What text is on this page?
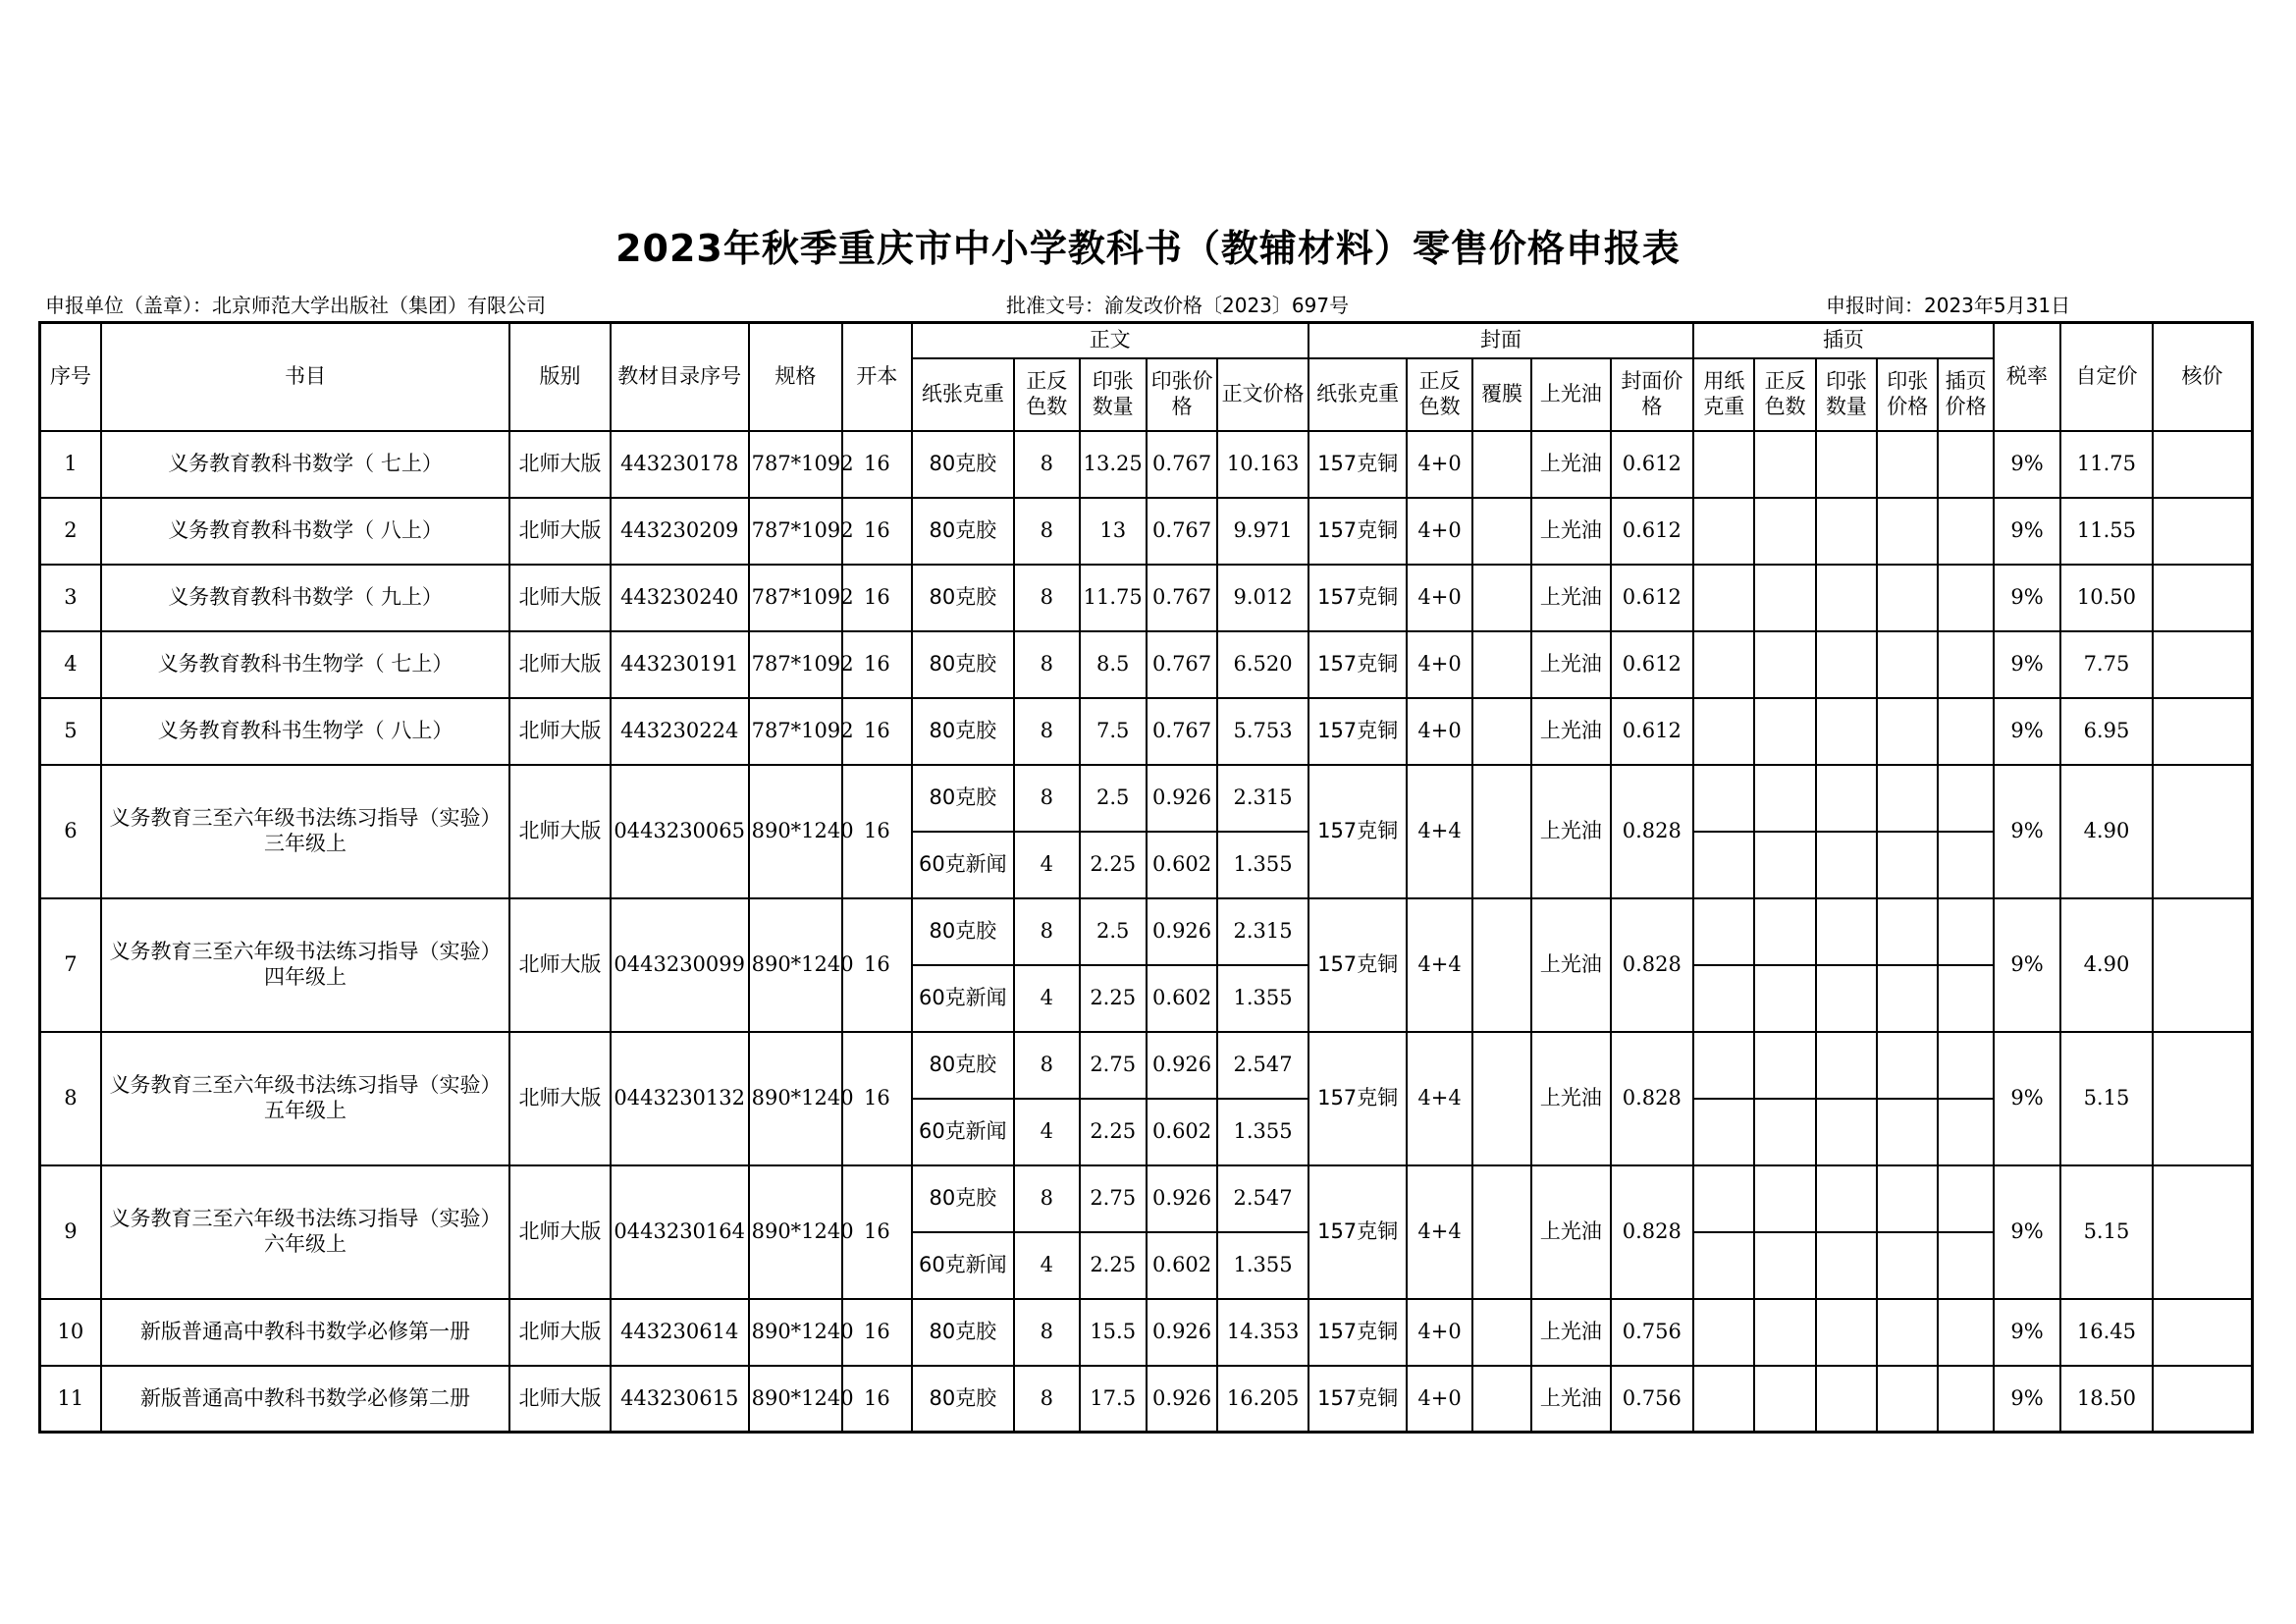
2023年秋季重庆市中小学教科书（教辅材料）零售价格申报表
申报单位（盖章）：北京师范大学出版社（集团）有限公司	批准文号：渝发改价格〔2023〕697号	申报时间：2023年5月31日
序号	书目	版别	教材目录序号	规格	开本	正文					封面					插页					税率	自定价	核价
						纸张克重	正反色数	印张数量	印张价格	正文价格	纸张克重	正反色数	覆膜	上光油	封面价格	用纸克重	正反色数	印张数量	印张价格	插页价格			
1	义务教育教科书数学（ 七上）	北师大版	443230178	787*1092	16	80克胶	8	13.25	0.767	10.163	157克铜	4+0		上光油	0.612						9%	11.75	
2	义务教育教科书数学（ 八上）	北师大版	443230209	787*1092	16	80克胶	8	13	0.767	9.971	157克铜	4+0		上光油	0.612						9%	11.55	
3	义务教育教科书数学（ 九上）	北师大版	443230240	787*1092	16	80克胶	8	11.75	0.767	9.012	157克铜	4+0		上光油	0.612						9%	10.50	
4	义务教育教科书生物学（ 七上）	北师大版	443230191	787*1092	16	80克胶	8	8.5	0.767	6.520	157克铜	4+0		上光油	0.612						9%	7.75	
5	义务教育教科书生物学（ 八上）	北师大版	443230224	787*1092	16	80克胶	8	7.5	0.767	5.753	157克铜	4+0		上光油	0.612						9%	6.95	
6	义务教育三至六年级书法练习指导（实验）三年级上	北师大版	0443230065	890*1240	16	80克胶	8	2.5	0.926	2.315	157克铜	4+4		上光油	0.828						9%	4.90	
						60克新闻	4	2.25	0.602	1.355													
7	义务教育三至六年级书法练习指导（实验）四年级上	北师大版	0443230099	890*1240	16	80克胶	8	2.5	0.926	2.315	157克铜	4+4		上光油	0.828						9%	4.90	
						60克新闻	4	2.25	0.602	1.355													
8	义务教育三至六年级书法练习指导（实验）五年级上	北师大版	0443230132	890*1240	16	80克胶	8	2.75	0.926	2.547	157克铜	4+4		上光油	0.828						9%	5.15	
						60克新闻	4	2.25	0.602	1.355													
9	义务教育三至六年级书法练习指导（实验）六年级上	北师大版	0443230164	890*1240	16	80克胶	8	2.75	0.926	2.547	157克铜	4+4		上光油	0.828						9%	5.15	
						60克新闻	4	2.25	0.602	1.355													
10	新版普通高中教科书数学必修第一册	北师大版	443230614	890*1240	16	80克胶	8	15.5	0.926	14.353	157克铜	4+0		上光油	0.756						9%	16.45	
11	新版普通高中教科书数学必修第二册	北师大版	443230615	890*1240	16	80克胶	8	17.5	0.926	16.205	157克铜	4+0		上光油	0.756						9%	18.50	
